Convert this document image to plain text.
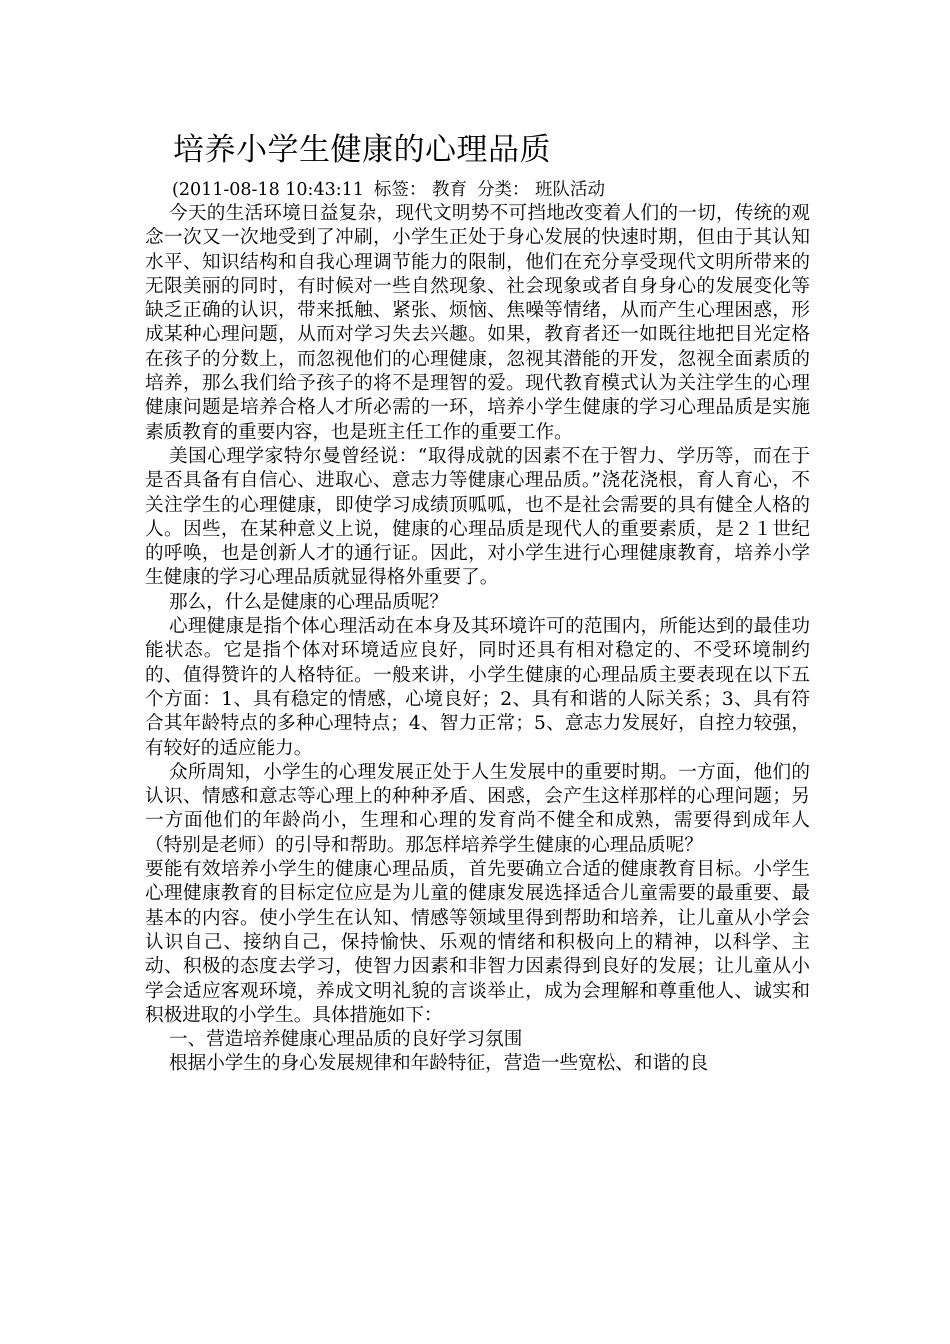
培养小学生健康的心理品质
(2011-08-18 10:43:11 标签： 教育 分类： 班队活动

今天的生活环境日益复杂，现代文明势不可挡地改变着人们的一切，传统的观念一次又一次地受到了冲刷，小学生正处于身心发展的快速时期，但由于其认知水平、知识结构和自我心理调节能力的限制，他们在充分享受现代文明所带来的无限美丽的同时，有时候对一些自然现象、社会现象或者自身身心的发展变化等缺乏正确的认识，带来抵触、紧张、烦恼、焦噪等情绪，从而产生心理困惑，形成某种心理问题，从而对学习失去兴趣。如果，教育者还一如既往地把目光定格在孩子的分数上，而忽视他们的心理健康，忽视其潜能的开发，忽视全面素质的培养，那么我们给予孩子的将不是理智的爱。现代教育模式认为关注学生的心理健康问题是培养合格人才所必需的一环，培养小学生健康的学习心理品质是实施素质教育的重要内容，也是班主任工作的重要工作。

美国心理学家特尔曼曾经说：“取得成就的因素不在于智力、学历等，而在于是否具备有自信心、进取心、意志力等健康心理品质。”浇花浇根，育人育心，不关注学生的心理健康，即使学习成绩顶呱呱，也不是社会需要的具有健全人格的人。因些，在某种意义上说，健康的心理品质是现代人的重要素质，是２１世纪的呼唤，也是创新人才的通行证。因此，对小学生进行心理健康教育，培养小学生健康的学习心理品质就显得格外重要了。

那么，什么是健康的心理品质呢？

心理健康是指个体心理活动在本身及其环境许可的范围内，所能达到的最佳功能状态。它是指个体对环境适应良好，同时还具有相对稳定的、不受环境制约的、值得赞许的人格特征。一般来讲，小学生健康的心理品质主要表现在以下五个方面：1、具有稳定的情感，心境良好；2、具有和谐的人际关系；3、具有符合其年龄特点的多种心理特点；4、智力正常；5、意志力发展好，自控力较强，有较好的适应能力。

众所周知，小学生的心理发展正处于人生发展中的重要时期。一方面，他们的认识、情感和意志等心理上的种种矛盾、困惑，会产生这样那样的心理问题；另一方面他们的年龄尚小，生理和心理的发育尚不健全和成熟，需要得到成年人（特别是老师）的引导和帮助。那怎样培养学生健康的心理品质呢？

要能有效培养小学生的健康心理品质，首先要确立合适的健康教育目标。小学生心理健康教育的目标定位应是为儿童的健康发展选择适合儿童需要的最重要、最基本的内容。使小学生在认知、情感等领域里得到帮助和培养，让儿童从小学会认识自己、接纳自己，保持愉快、乐观的情绪和积极向上的精神，以科学、主动、积极的态度去学习，使智力因素和非智力因素得到良好的发展；让儿童从小学会适应客观环境，养成文明礼貌的言谈举止，成为会理解和尊重他人、诚实和积极进取的小学生。具体措施如下：

一、营造培养健康心理品质的良好学习氛围

根据小学生的身心发展规律和年龄特征，营造一些宽松、和谐的良
